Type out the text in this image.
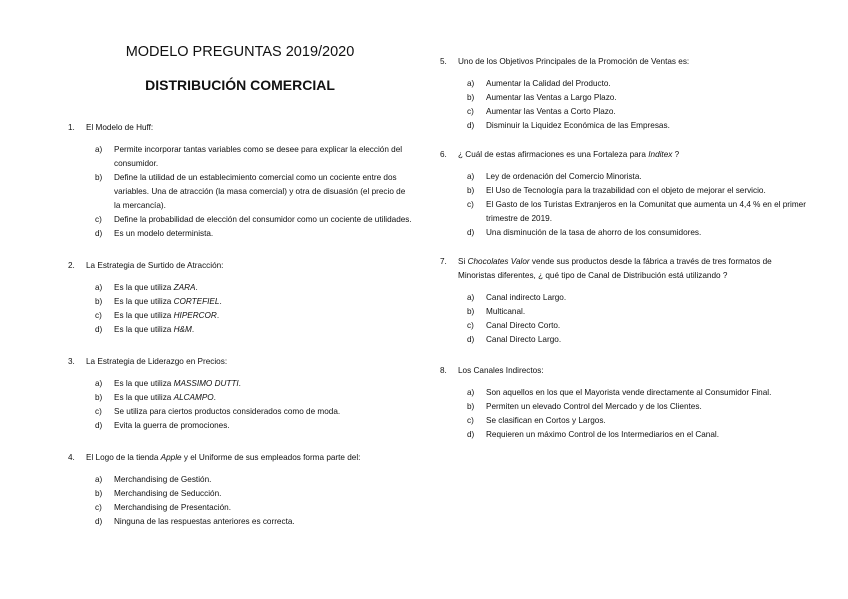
MODELO PREGUNTAS 2019/2020
DISTRIBUCIÓN COMERCIAL
1.	El Modelo de Huff:
a)	Permite incorporar tantas variables como se desee para explicar la elección del consumidor.
b)	Define la utilidad de un establecimiento comercial como un cociente entre dos variables. Una de atracción (la masa comercial) y otra de disuasión (el precio de la mercancía).
c)	Define la probabilidad de elección del consumidor como un cociente de utilidades.
d)	Es un modelo determinista.
2.	La Estrategia de Surtido de Atracción:
a)	Es la que utiliza ZARA.
b)	Es la que utiliza CORTEFIEL.
c)	Es la que utiliza HIPERCOR.
d)	Es la que utiliza H&M.
3.	La Estrategia de Liderazgo en Precios:
a)	Es la que utiliza MASSIMO DUTTI.
b)	Es la que utiliza ALCAMPO.
c)	Se utiliza para ciertos productos considerados como de moda.
d)	Evita la guerra de promociones.
4.	El Logo de la tienda Apple y el Uniforme de sus empleados forma parte del:
a)	Merchandising de Gestión.
b)	Merchandising de Seducción.
c)	Merchandising de Presentación.
d)	Ninguna de las respuestas anteriores es correcta.
5.	Uno de los Objetivos Principales de la Promoción de Ventas es:
a)	Aumentar la Calidad del Producto.
b)	Aumentar las Ventas a Largo Plazo.
c)	Aumentar las Ventas a Corto Plazo.
d)	Disminuir la Liquidez Económica de las Empresas.
6.	¿ Cuál de estas afirmaciones es una Fortaleza para Inditex ?
a)	Ley de ordenación del Comercio Minorista.
b)	El Uso de Tecnología para la trazabilidad con el objeto de mejorar el servicio.
c)	El Gasto de los Turistas Extranjeros en la Comunitat que aumenta un 4,4 % en el primer trimestre de 2019.
d)	Una disminución de la tasa de ahorro de los consumidores.
7.	Si Chocolates Valor vende sus productos desde la fábrica a través de tres formatos de Minoristas diferentes, ¿ qué tipo de Canal de Distribución está utilizando ?
a)	Canal indirecto Largo.
b)	Multicanal.
c)	Canal Directo Corto.
d)	Canal Directo Largo.
8.	Los Canales Indirectos:
a)	Son aquellos en los que el Mayorista vende directamente al Consumidor Final.
b)	Permiten un elevado Control del Mercado y de los Clientes.
c)	Se clasifican en Cortos y Largos.
d)	Requieren un máximo Control de los Intermediarios en el Canal.
